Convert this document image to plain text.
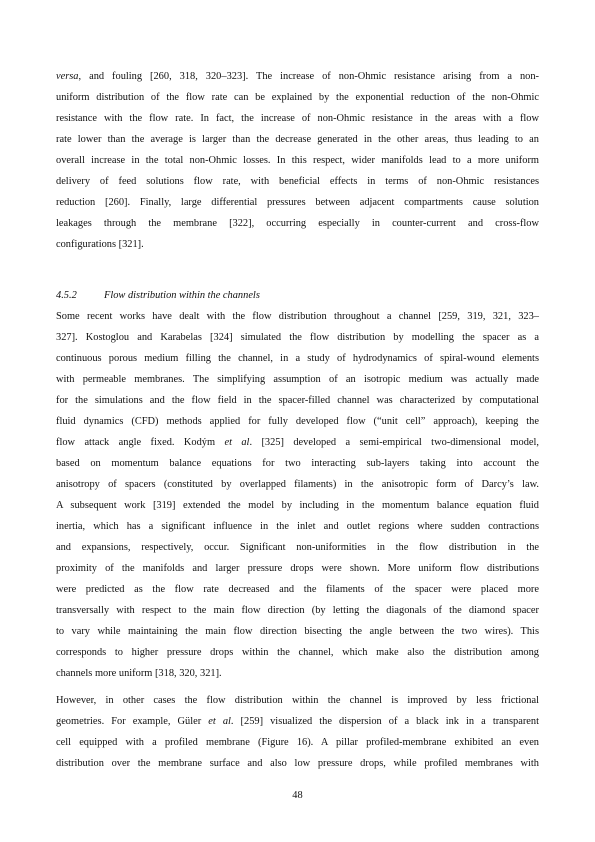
versa, and fouling [260, 318, 320–323]. The increase of non-Ohmic resistance arising from a non-
uniform distribution of the flow rate can be explained by the exponential reduction of the non-Ohmic
resistance with the flow rate. In fact, the increase of non-Ohmic resistance in the areas with a flow
rate lower than the average is larger than the decrease generated in the other areas, thus leading to an
overall increase in the total non-Ohmic losses. In this respect, wider manifolds lead to a more uniform
delivery of feed solutions flow rate, with beneficial effects in terms of non-Ohmic resistances
reduction [260]. Finally, large differential pressures between adjacent compartments cause solution
leakages through the membrane [322], occurring especially in counter-current and cross-flow
configurations [321].
4.5.2	Flow distribution within the channels
Some recent works have dealt with the flow distribution throughout a channel [259, 319, 321, 323–
327]. Kostoglou and Karabelas [324] simulated the flow distribution by modelling the spacer as a
continuous porous medium filling the channel, in a study of hydrodynamics of spiral-wound elements
with permeable membranes. The simplifying assumption of an isotropic medium was actually made
for the simulations and the flow field in the spacer-filled channel was characterized by computational
fluid dynamics (CFD) methods applied for fully developed flow (“unit cell” approach), keeping the
flow attack angle fixed. Kodým et al. [325] developed a semi-empirical two-dimensional model,
based on momentum balance equations for two interacting sub-layers taking into account the
anisotropy of spacers (constituted by overlapped filaments) in the anisotropic form of Darcy’s law.
A subsequent work [319] extended the model by including in the momentum balance equation fluid
inertia, which has a significant influence in the inlet and outlet regions where sudden contractions
and expansions, respectively, occur. Significant non-uniformities in the flow distribution in the
proximity of the manifolds and larger pressure drops were shown. More uniform flow distributions
were predicted as the flow rate decreased and the filaments of the spacer were placed more
transversally with respect to the main flow direction (by letting the diagonals of the diamond spacer
to vary while maintaining the main flow direction bisecting the angle between the two wires). This
corresponds to higher pressure drops within the channel, which make also the distribution among
channels more uniform [318, 320, 321].
However, in other cases the flow distribution within the channel is improved by less frictional
geometries. For example, Güler et al. [259] visualized the dispersion of a black ink in a transparent
cell equipped with a profiled membrane (Figure 16). A pillar profiled-membrane exhibited an even
distribution over the membrane surface and also low pressure drops, while profiled membranes with
48
